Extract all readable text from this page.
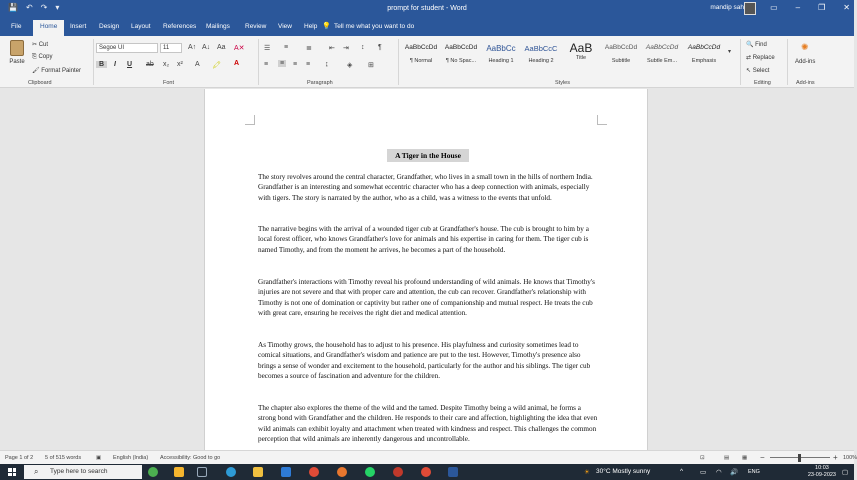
💾 ↶ ↷ ▾	prompt for student - Word	mandip sah	▭ – ❐ ✕
File	Home	Insert Design Layout References Mailings Review View Help 💡 Tell me what you want to do
Paste
✂ Cut
⎘ Copy
🖌 Format Painter
Clipboard
Segoe UI	11	A↑ A↓ Aa A✕
B	I U ab x₂ x² A 🖍 A
Font
☰ ≡	≣ ⇤ ⇥ ↕ ¶
≡ ≡ ≡ ≡ ↨	◈ ⊞
Paragraph
AaBbCcDd
¶ Normal
AaBbCcDd
¶ No Spac...
AaBbCc
Heading 1
AaBbCcC
Heading 2
AaB
Title
AaBbCcDd
Subtitle
AaBbCcDd
Subtle Em...
AaBbCcDd
Emphasis
▾
Styles
🔍 Find
⇄ Replace
↖ Select
Editing
✺
Add-ins
Add-ins
A Tiger in the House
The story revolves around the central character, Grandfather, who lives in a small town in the hills of northern India. Grandfather is an interesting and somewhat eccentric character who has a deep connection with animals, especially with tigers. The story is narrated by the author, who as a child, was a witness to the events that unfold.
The narrative begins with the arrival of a wounded tiger cub at Grandfather's house. The cub is brought to him by a local forest officer, who knows Grandfather's love for animals and his expertise in caring for them. The tiger cub is named Timothy, and from the moment he arrives, he becomes a part of the household.
Grandfather's interactions with Timothy reveal his profound understanding of wild animals. He knows that Timothy's injuries are not severe and that with proper care and attention, the cub can recover. Grandfather's relationship with Timothy is not one of domination or captivity but rather one of companionship and mutual respect. He treats the cub with great care, ensuring he receives the right diet and medical attention.
As Timothy grows, the household has to adjust to his presence. His playfulness and curiosity sometimes lead to comical situations, and Grandfather's wisdom and patience are put to the test. However, Timothy's presence also brings a sense of wonder and excitement to the household, particularly for the author and his siblings. The tiger cub becomes a source of fascination and adventure for the children.
The chapter also explores the theme of the wild and the tamed. Despite Timothy being a wild animal, he forms a strong bond with Grandfather and the children. He responds to their care and affection, highlighting the idea that even wild animals can exhibit loyalty and attachment when treated with kindness and respect. This challenges the common perception that wild animals are inherently dangerous and uncontrollable.
Page 1 of 2 5 of 515 words	▣ English (India) Accessibility: Good to go	⊡	▤ ▦ −	+ 100%
⌕ Type here to search	☀ 30°C Mostly sunny	^	▭ ◠ 🔊 ENG
10:03
23-09-2023 ▢
